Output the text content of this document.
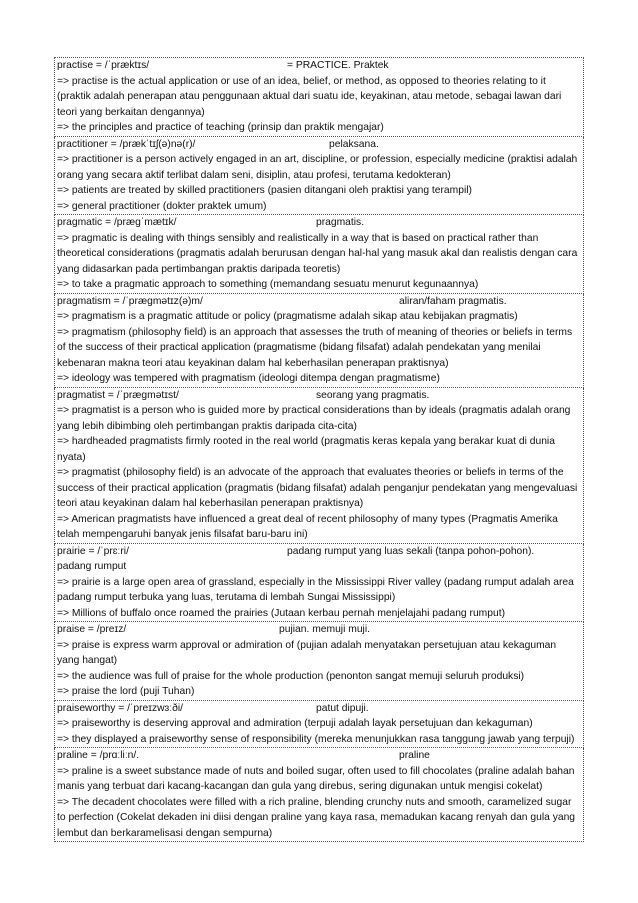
practise = /ˈpræktɪs/	= PRACTICE. Praktek

=> practise is the actual application or use of an idea, belief, or method, as opposed to theories relating to it (praktik adalah penerapan atau penggunaan aktual dari suatu ide, keyakinan, atau metode, sebagai lawan dari teori yang berkaitan dengannya)

=> the principles and practice of teaching (prinsip dan praktik mengajar)

practitioner = /prækˈtɪʃ(ə)nə(r)/	pelaksana.

=> practitioner is a person actively engaged in an art, discipline, or profession, especially medicine (praktisi adalah orang yang secara aktif terlibat dalam seni, disiplin, atau profesi, terutama kedokteran)

=> patients are treated by skilled practitioners (pasien ditangani oleh praktisi yang terampil)

=> general practitioner (dokter praktek umum)

pragmatic = /prægˈmætɪk/	pragmatis.

=> pragmatic is dealing with things sensibly and realistically in a way that is based on practical rather than theoretical considerations (pragmatis adalah berurusan dengan hal-hal yang masuk akal dan realistis dengan cara yang didasarkan pada pertimbangan praktis daripada teoretis)

=> to take a pragmatic approach to something (memandang sesuatu menurut kegunaannya)

pragmatism = /ˈprægmətɪz(ə)m/	aliran/faham pragmatis.

=> pragmatism is a pragmatic attitude or policy (pragmatisme adalah sikap atau kebijakan pragmatis)

=> pragmatism (philosophy field) is an approach that assesses the truth of meaning of theories or beliefs in terms of the success of their practical application (pragmatisme (bidang filsafat) adalah pendekatan yang menilai kebenaran makna teori atau keyakinan dalam hal keberhasilan penerapan praktisnya)

=> ideology was tempered with pragmatism (ideologi ditempa dengan pragmatisme)

pragmatist = /ˈprægmətɪst/	seorang yang pragmatis.

=> pragmatist is a person who is guided more by practical considerations than by ideals (pragmatis adalah orang yang lebih dibimbing oleh pertimbangan praktis daripada cita-cita)

=> hardheaded pragmatists firmly rooted in the real world (pragmatis keras kepala yang berakar kuat di dunia nyata)

=> pragmatist (philosophy field) is an advocate of the approach that evaluates theories or beliefs in terms of the success of their practical application (pragmatis (bidang filsafat) adalah penganjur pendekatan yang mengevaluasi teori atau keyakinan dalam hal keberhasilan penerapan praktisnya)

=> American pragmatists have influenced a great deal of recent philosophy of many types (Pragmatis Amerika telah mempengaruhi banyak jenis filsafat baru-baru ini)

prairie = /ˈprɛːri/	padang rumput yang luas sekali (tanpa pohon-pohon).

padang rumput

=> prairie is a large open area of grassland, especially in the Mississippi River valley (padang rumput adalah area padang rumput terbuka yang luas, terutama di lembah Sungai Mississippi)

=> Millions of buffalo once roamed the prairies (Jutaan kerbau pernah menjelajahi padang rumput)

praise = /preɪz/	pujian. memuji muji.

=> praise is express warm approval or admiration of (pujian adalah menyatakan persetujuan atau kekaguman yang hangat)

=> the audience was full of praise for the whole production (penonton sangat memuji seluruh produksi)

=> praise the lord (puji Tuhan)

praiseworthy = /ˈpreɪzwɜːði/	patut dipuji.

=> praiseworthy is deserving approval and admiration (terpuji adalah layak persetujuan dan kekaguman)

=> they displayed a praiseworthy sense of responsibility (mereka menunjukkan rasa tanggung jawab yang terpuji)

praline = /prɑːliːn/.	praline

=> praline is a sweet substance made of nuts and boiled sugar, often used to fill chocolates (praline adalah bahan manis yang terbuat dari kacang-kacangan dan gula yang direbus, sering digunakan untuk mengisi cokelat)

=> The decadent chocolates were filled with a rich praline, blending crunchy nuts and smooth, caramelized sugar to perfection (Cokelat dekaden ini diisi dengan praline yang kaya rasa, memadukan kacang renyah dan gula yang lembut dan berkaramelisasi dengan sempurna)
